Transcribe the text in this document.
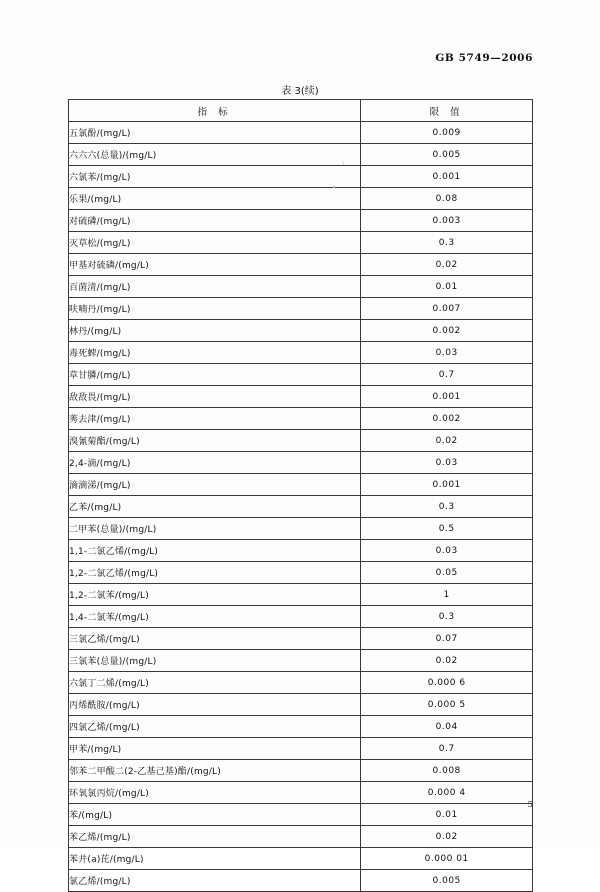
GB 5749—2006
表 3(续)
指 标	限 值
五氯酚/(mg/L)	0.009
六六六(总量)/(mg/L)	0.005
六氯苯/(mg/L)	0.001
乐果/(mg/L)	0.08
对硫磷/(mg/L)	0.003
灭草松/(mg/L)	0.3
甲基对硫磷/(mg/L)	0.02
百菌清/(mg/L)	0.01
呋喃丹/(mg/L)	0.007
林丹/(mg/L)	0.002
毒死蜱/(mg/L)	0.03
草甘膦/(mg/L)	0.7
敌敌畏/(mg/L)	0.001
莠去津/(mg/L)	0.002
溴氰菊酯/(mg/L)	0.02
2,4-滴/(mg/L)	0.03
滴滴涕/(mg/L)	0.001
乙苯/(mg/L)	0.3
二甲苯(总量)/(mg/L)	0.5
1,1-二氯乙烯/(mg/L)	0.03
1,2-二氯乙烯/(mg/L)	0.05
1,2-二氯苯/(mg/L)	1
1,4-二氯苯/(mg/L)	0.3
三氯乙烯/(mg/L)	0.07
三氯苯(总量)/(mg/L)	0.02
六氯丁二烯/(mg/L)	0.000 6
丙烯酰胺/(mg/L)	0.000 5
四氯乙烯/(mg/L)	0.04
甲苯/(mg/L)	0.7
邻苯二甲酸二(2-乙基己基)酯/(mg/L)	0.008
环氧氯丙烷/(mg/L)	0.000 4
苯/(mg/L)	0.01
苯乙烯/(mg/L)	0.02
苯并(a)芘/(mg/L)	0.000 01
氯乙烯/(mg/L)	0.005
5
﹨
